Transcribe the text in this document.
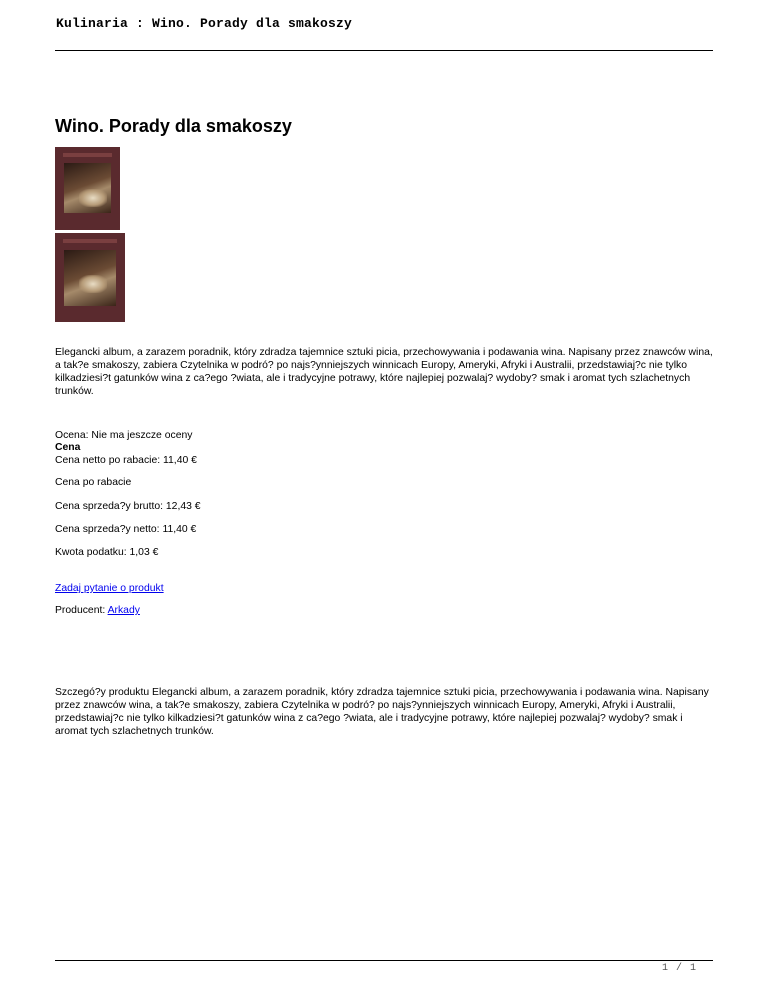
Kulinaria : Wino. Porady dla smakoszy
Wino. Porady dla smakoszy
Elegancki album, a zarazem poradnik, który zdradza tajemnice sztuki picia, przechowywania i podawania wina. Napisany przez znawców wina, a tak?e smakoszy, zabiera Czytelnika w podró? po najs?ynniejszych winnicach Europy, Ameryki, Afryki i Australii, przedstawiaj?c nie tylko kilkadziesi?t gatunków wina z ca?ego ?wiata, ale i tradycyjne potrawy, które najlepiej pozwalaj? wydoby? smak i aromat tych szlachetnych trunków.
Ocena: Nie ma jeszcze oceny
Cena
Cena netto po rabacie: 11,40 €
Cena po rabacie
Cena sprzeda?y brutto: 12,43 €
Cena sprzeda?y netto: 11,40 €
Kwota podatku: 1,03 €
Zadaj pytanie o produkt
Producent: Arkady
Szczegó?y produktu Elegancki album, a zarazem poradnik, który zdradza tajemnice sztuki picia, przechowywania i podawania wina. Napisany przez znawców wina, a tak?e smakoszy, zabiera Czytelnika w podró? po najs?ynniejszych winnicach Europy, Ameryki, Afryki i Australii, przedstawiaj?c nie tylko kilkadziesi?t gatunków wina z ca?ego ?wiata, ale i tradycyjne potrawy, które najlepiej pozwalaj? wydoby? smak i aromat tych szlachetnych trunków.
1 / 1
